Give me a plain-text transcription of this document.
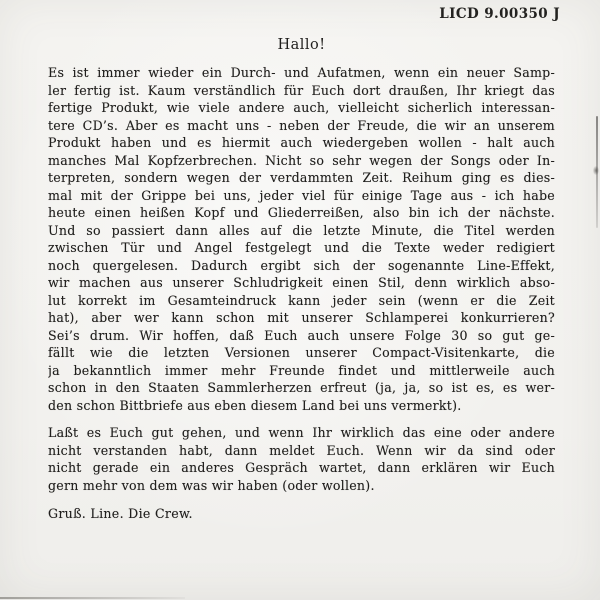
LICD 9.00350 J
Hallo!
Es ist immer wieder ein Durch- und Aufatmen, wenn ein neuer Samp-
ler fertig ist. Kaum verständlich für Euch dort draußen, Ihr kriegt das
fertige Produkt, wie viele andere auch, vielleicht sicherlich interessan-
tere CD’s. Aber es macht uns - neben der Freude, die wir an unserem
Produkt haben und es hiermit auch wiedergeben wollen - halt auch
manches Mal Kopfzerbrechen. Nicht so sehr wegen der Songs oder In-
terpreten, sondern wegen der verdammten Zeit. Reihum ging es dies-
mal mit der Grippe bei uns, jeder viel für einige Tage aus - ich habe
heute einen heißen Kopf und Gliederreißen, also bin ich der nächste.
Und so passiert dann alles auf die letzte Minute, die Titel werden
zwischen Tür und Angel festgelegt und die Texte weder redigiert
noch quergelesen. Dadurch ergibt sich der sogenannte Line-Effekt,
wir machen aus unserer Schludrigkeit einen Stil, denn wirklich abso-
lut korrekt im Gesamteindruck kann jeder sein (wenn er die Zeit
hat), aber wer kann schon mit unserer Schlamperei konkurrieren?
Sei’s drum. Wir hoffen, daß Euch auch unsere Folge 30 so gut ge-
fällt wie die letzten Versionen unserer Compact-Visitenkarte, die
ja bekanntlich immer mehr Freunde findet und mittlerweile auch
schon in den Staaten Sammlerherzen erfreut (ja, ja, so ist es, es wer-
den schon Bittbriefe aus eben diesem Land bei uns vermerkt).
Laßt es Euch gut gehen, und wenn Ihr wirklich das eine oder andere
nicht verstanden habt, dann meldet Euch. Wenn wir da sind oder
nicht gerade ein anderes Gespräch wartet, dann erklären wir Euch
gern mehr von dem was wir haben (oder wollen).
Gruß. Line. Die Crew.
